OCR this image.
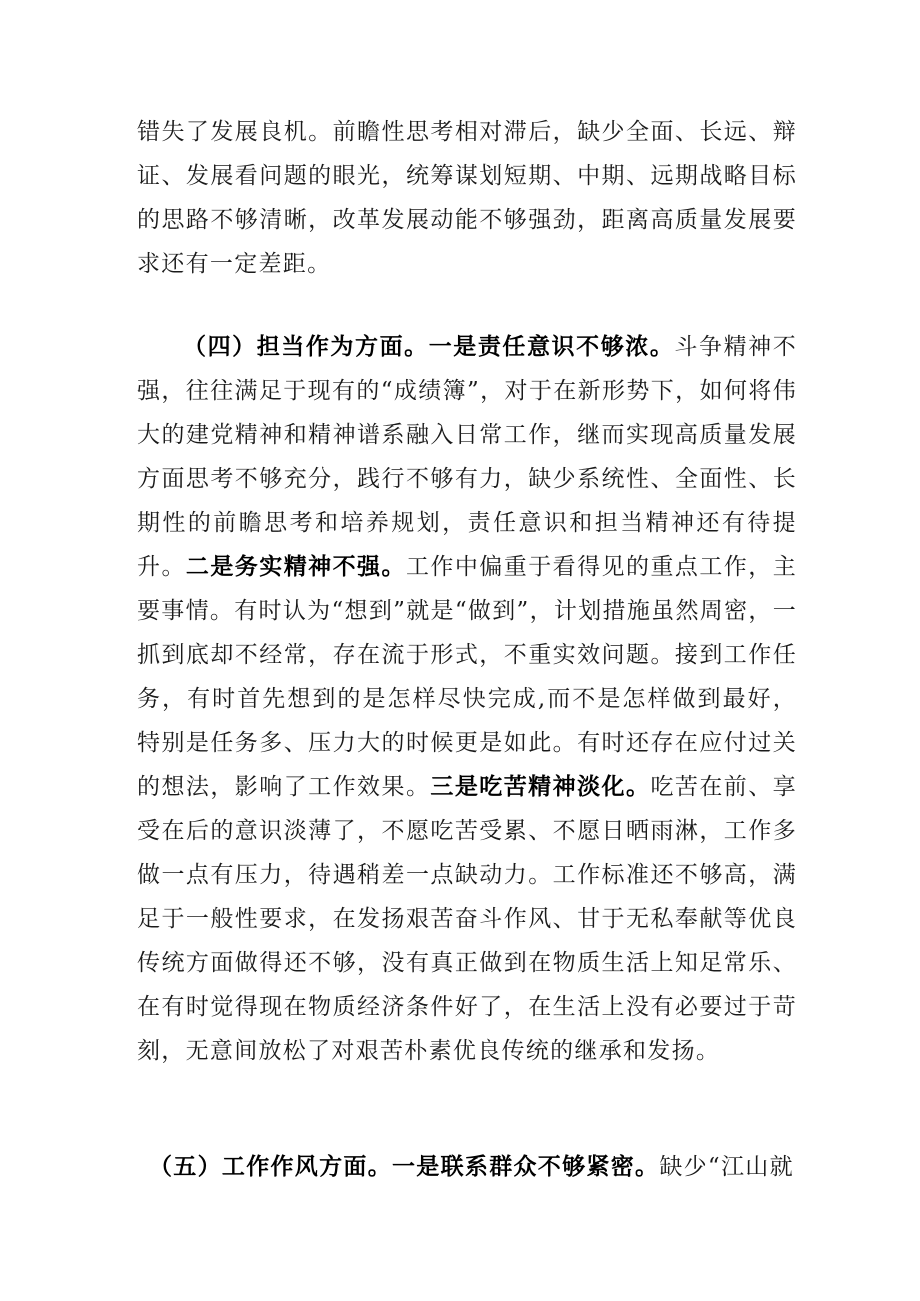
错失了发展良机。前瞻性思考相对滞后，缺少全面、长远、辩证、发展看问题的眼光，统筹谋划短期、中期、远期战略目标的思路不够清晰，改革发展动能不够强劲，距离高质量发展要求还有一定差距。

（四）担当作为方面。一是责任意识不够浓。斗争精神不强，往往满足于现有的“成绩簿”，对于在新形势下，如何将伟大的建党精神和精神谱系融入日常工作，继而实现高质量发展方面思考不够充分，践行不够有力，缺少系统性、全面性、长期性的前瞻思考和培养规划，责任意识和担当精神还有待提升。二是务实精神不强。工作中偏重于看得见的重点工作，主要事情。有时认为“想到”就是“做到”，计划措施虽然周密，一抓到底却不经常，存在流于形式，不重实效问题。接到工作任务，有时首先想到的是怎样尽快完成,而不是怎样做到最好，特别是任务多、压力大的时候更是如此。有时还存在应付过关的想法，影响了工作效果。三是吃苦精神淡化。吃苦在前、享受在后的意识淡薄了，不愿吃苦受累、不愿日晒雨淋，工作多做一点有压力，待遇稍差一点缺动力。工作标准还不够高，满足于一般性要求，在发扬艰苦奋斗作风、甘于无私奉献等优良传统方面做得还不够，没有真正做到在物质生活上知足常乐、在有时觉得现在物质经济条件好了，在生活上没有必要过于苛刻，无意间放松了对艰苦朴素优良传统的继承和发扬。

（五）工作作风方面。一是联系群众不够紧密。缺少“江山就
